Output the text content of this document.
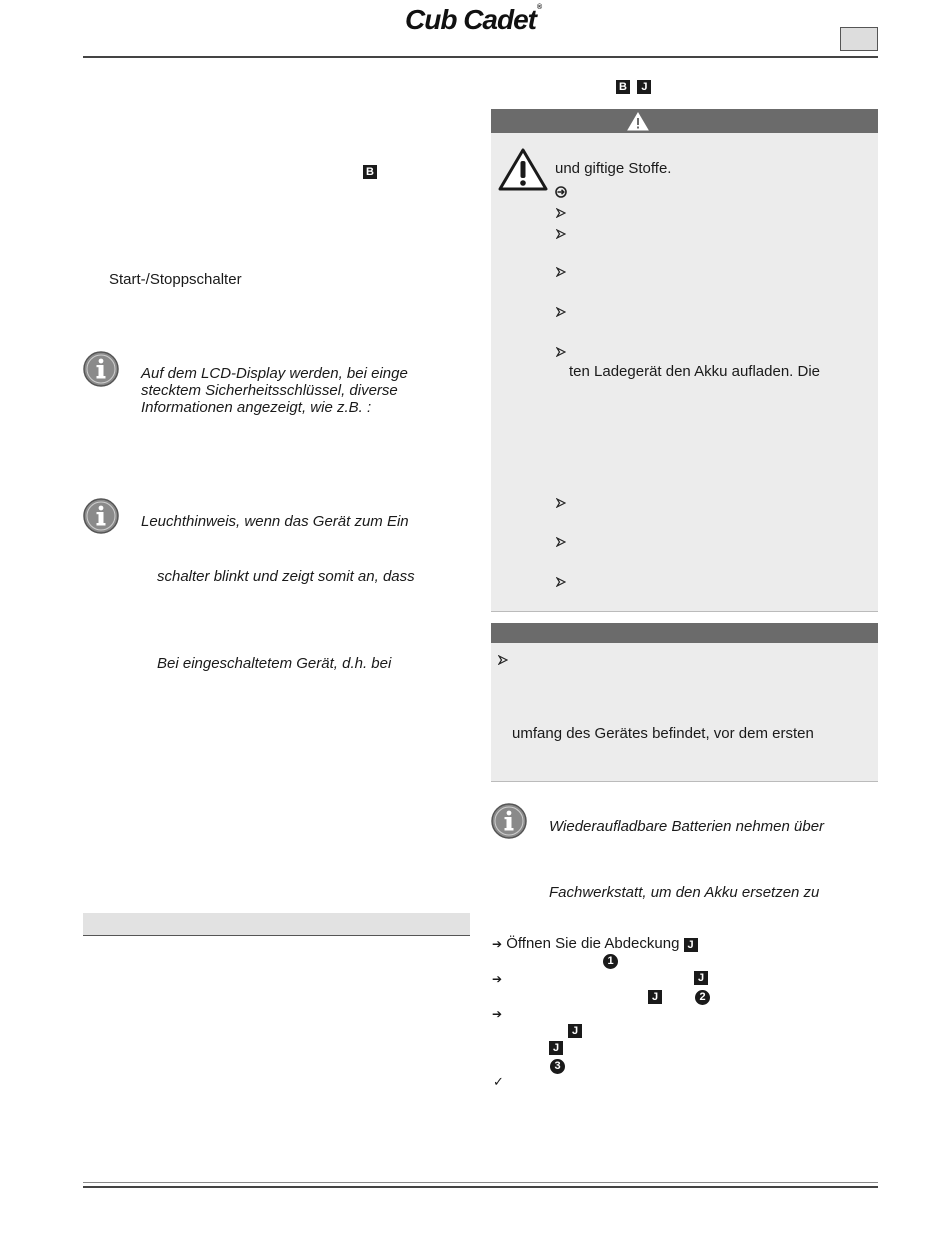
Cub Cadet®
B
Start-/Stoppschalter
Auf dem LCD-Display werden, bei einge
stecktem Sicherheitsschlüssel, diverse
Informationen angezeigt, wie z.B. :
Leuchthinweis, wenn das Gerät zum Ein
schalter blinkt und zeigt somit an, dass
Bei eingeschaltetem Gerät, d.h. bei
B J
und giftige Stoffe.
ten Ladegerät den Akku aufladen. Die
umfang des Gerätes befindet, vor dem ersten
Wiederaufladbare Batterien nehmen über
Fachwerkstatt, um den Akku ersetzen zu
➔ Öffnen Sie die Abdeckung J
1
➔	J
J	2
➔
J
J
3
✓
